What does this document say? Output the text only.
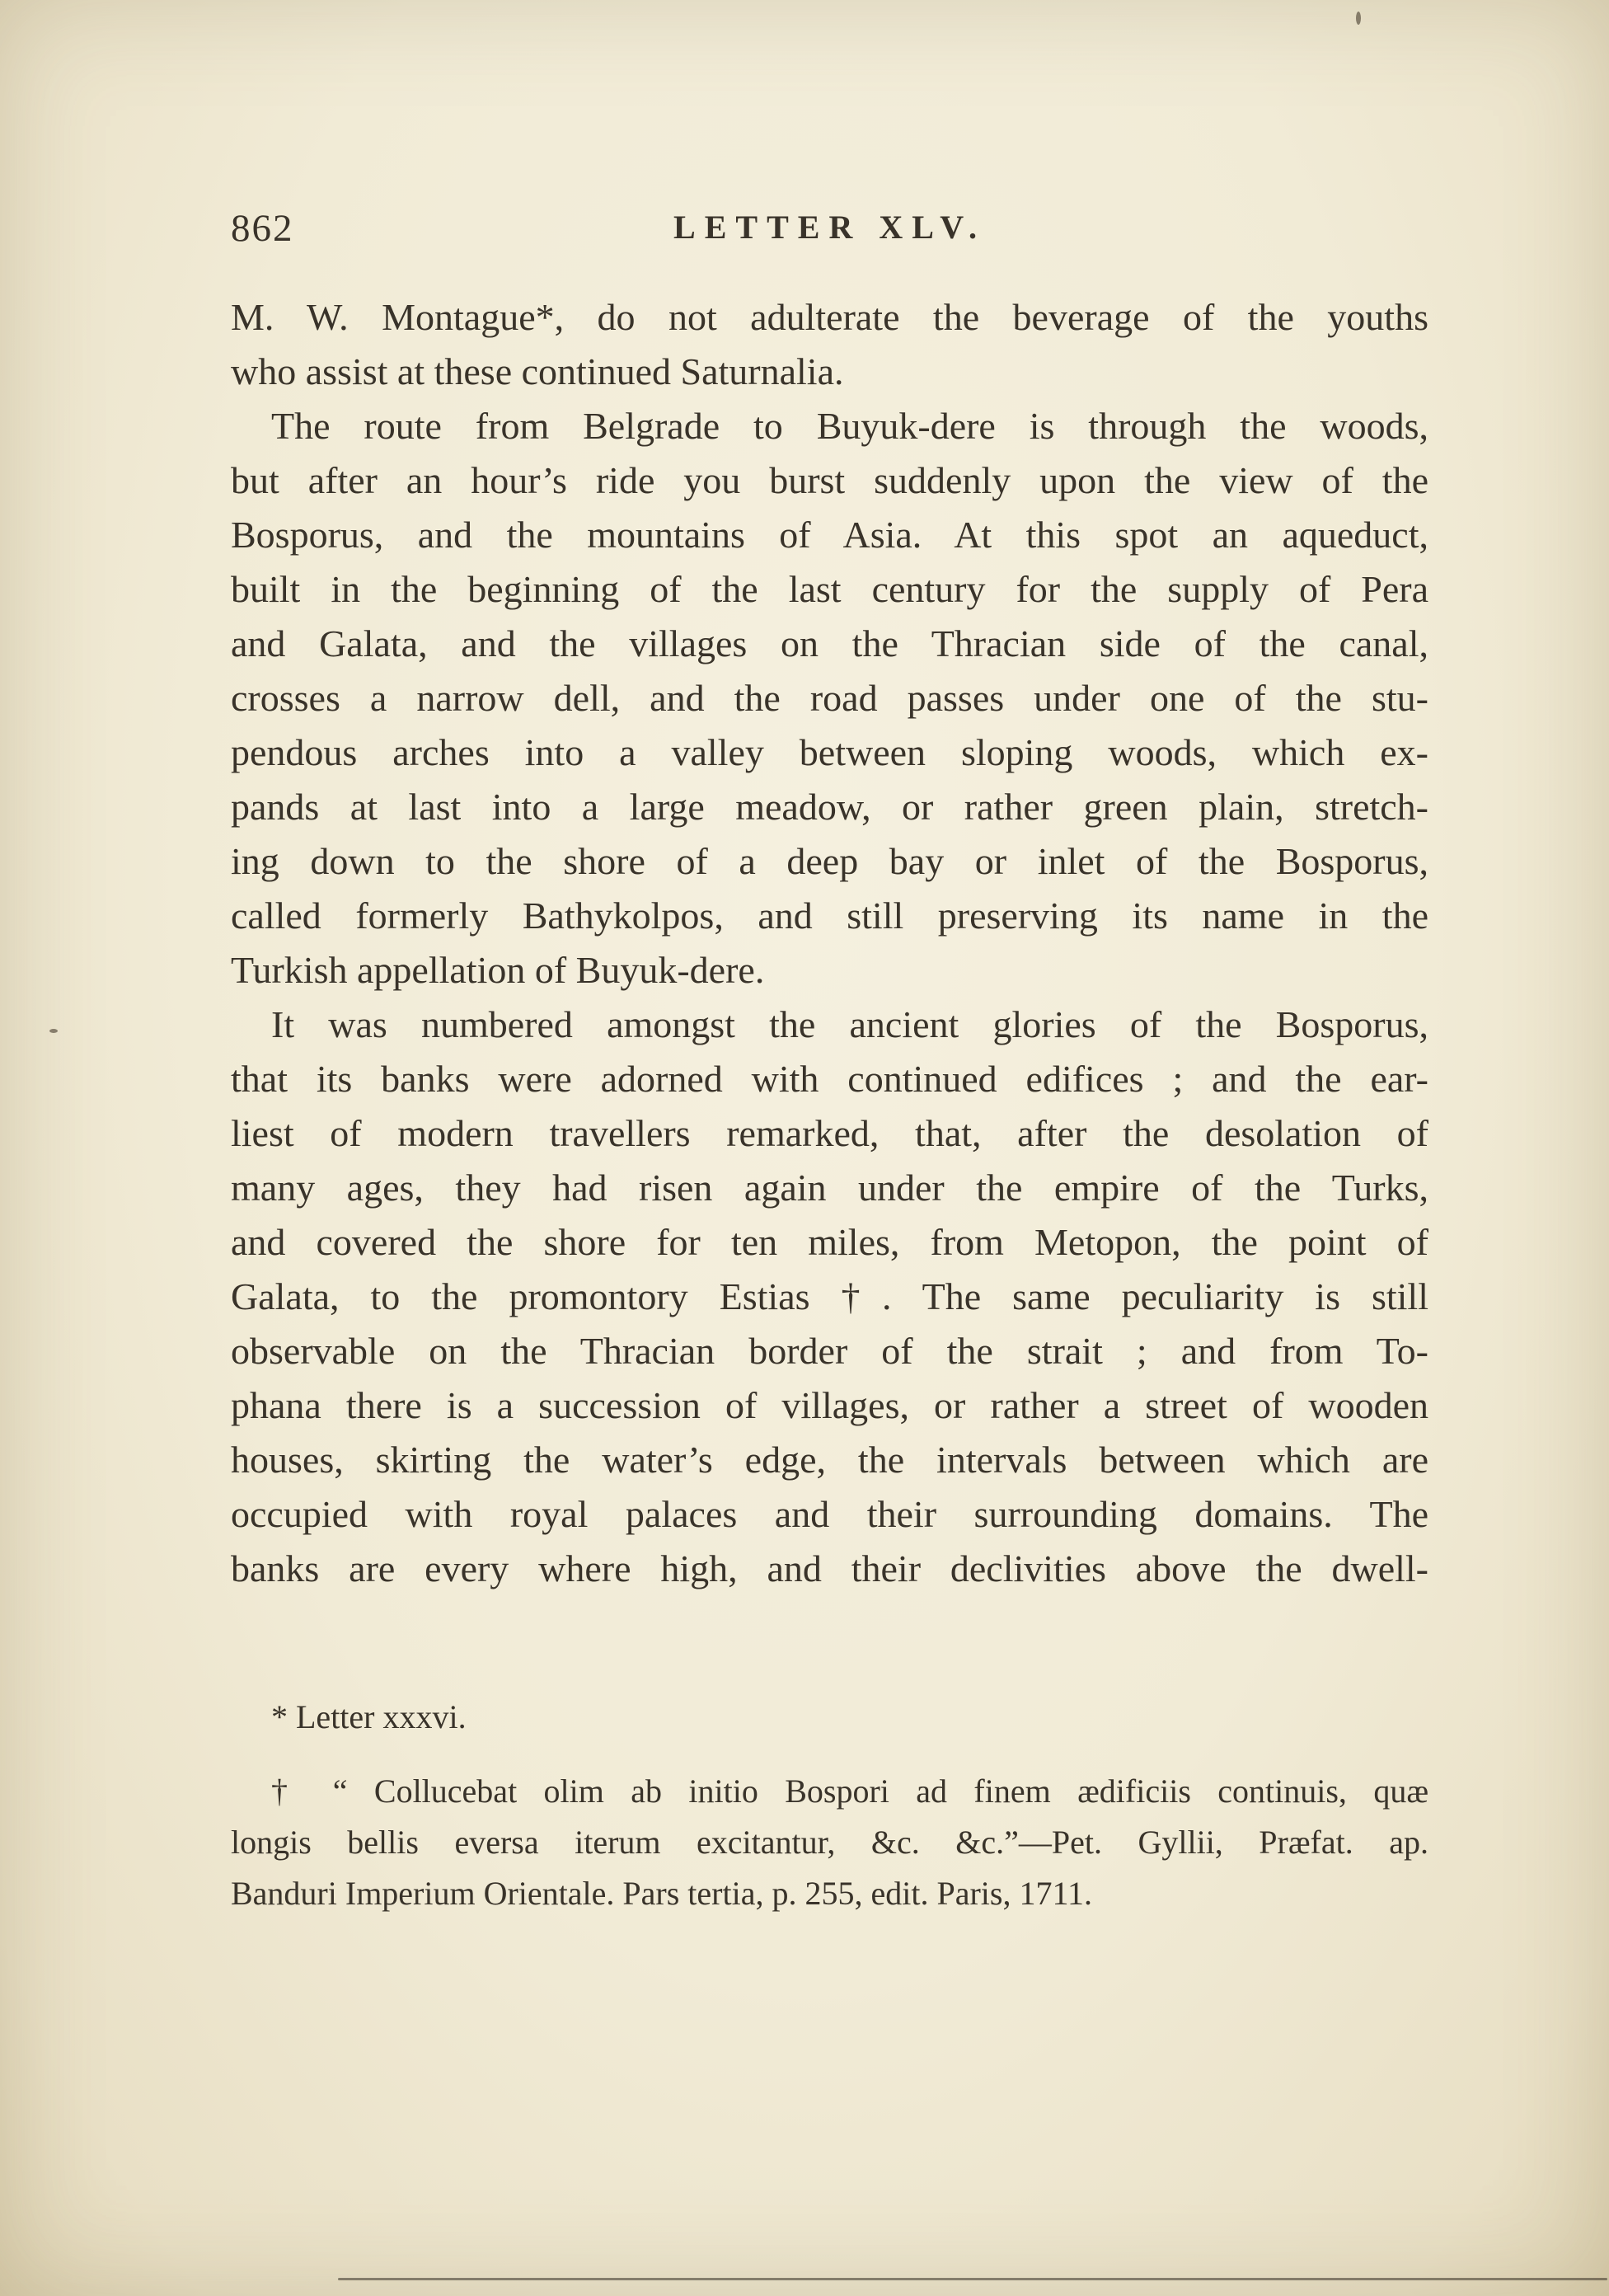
862	LETTER XLV.
M. W. Montague*, do not adulterate the beverage of the youths
who assist at these continued Saturnalia.
The route from Belgrade to Buyuk-dere is through the woods,
but after an hour’s ride you burst suddenly upon the view of the
Bosporus, and the mountains of Asia. At this spot an aqueduct,
built in the beginning of the last century for the supply of Pera
and Galata, and the villages on the Thracian side of the canal,
crosses a narrow dell, and the road passes under one of the stu-
pendous arches into a valley between sloping woods, which ex-
pands at last into a large meadow, or rather green plain, stretch-
ing down to the shore of a deep bay or inlet of the Bosporus,
called formerly Bathykolpos, and still preserving its name in the
Turkish appellation of Buyuk-dere.
It was numbered amongst the ancient glories of the Bosporus,
that its banks were adorned with continued edifices ; and the ear-
liest of modern travellers remarked, that, after the desolation of
many ages, they had risen again under the empire of the Turks,
and covered the shore for ten miles, from Metopon, the point of
Galata, to the promontory Estias †. The same peculiarity is still
observable on the Thracian border of the strait ; and from To-
phana there is a succession of villages, or rather a street of wooden
houses, skirting the water’s edge, the intervals between which are
occupied with royal palaces and their surrounding domains. The
banks are every where high, and their declivities above the dwell-
* Letter xxxvi.
† “ Collucebat olim ab initio Bospori ad finem ædificiis continuis, quæ
longis bellis eversa iterum excitantur, &c. &c.”—Pet. Gyllii, Præfat. ap.
Banduri Imperium Orientale. Pars tertia, p. 255, edit. Paris, 1711.
